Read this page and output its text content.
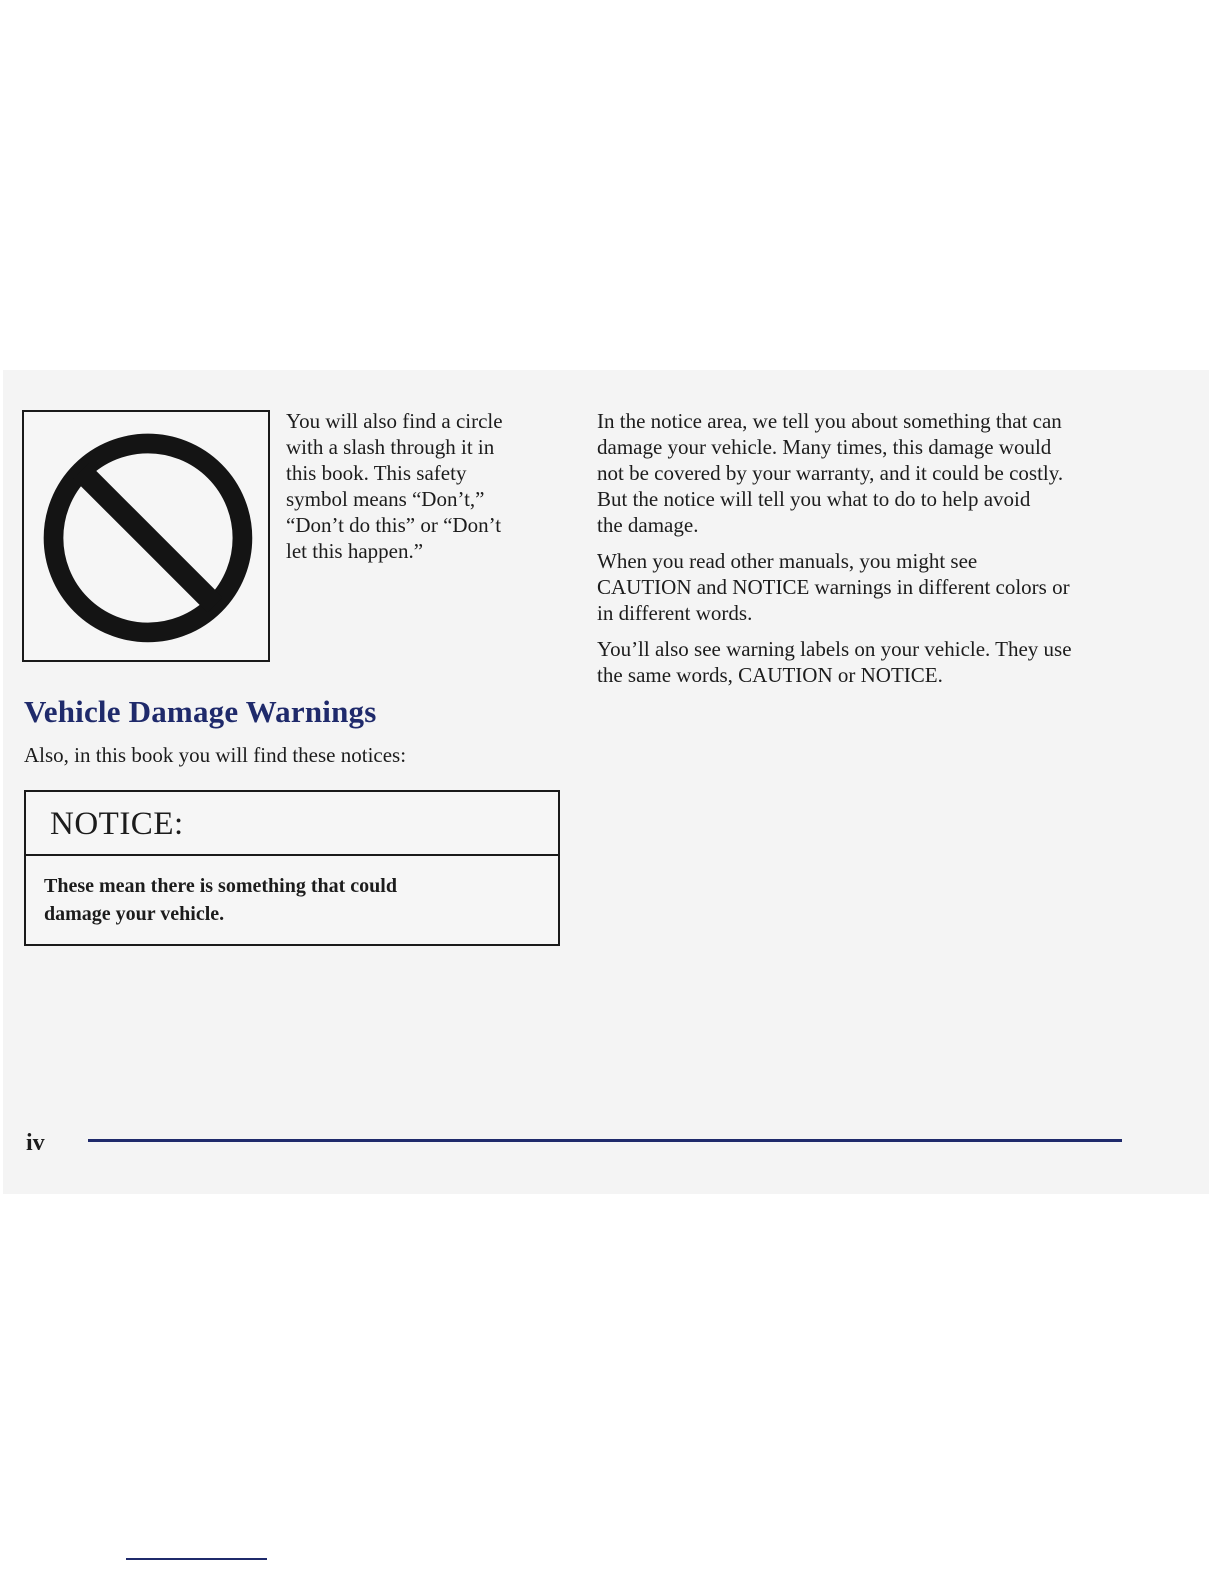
You will also find a circle
with a slash through it in
this book. This safety
symbol means “Don’t,”
“Don’t do this” or “Don’t
let this happen.”

In the notice area, we tell you about something that can
damage your vehicle. Many times, this damage would
not be covered by your warranty, and it could be costly.
But the notice will tell you what to do to help avoid
the damage.

When you read other manuals, you might see
CAUTION and NOTICE warnings in different colors or
in different words.

You’ll also see warning labels on your vehicle. They use
the same words, CAUTION or NOTICE.

Vehicle Damage Warnings

Also, in this book you will find these notices:

NOTICE:
These mean there is something that could
damage your vehicle.

iv
